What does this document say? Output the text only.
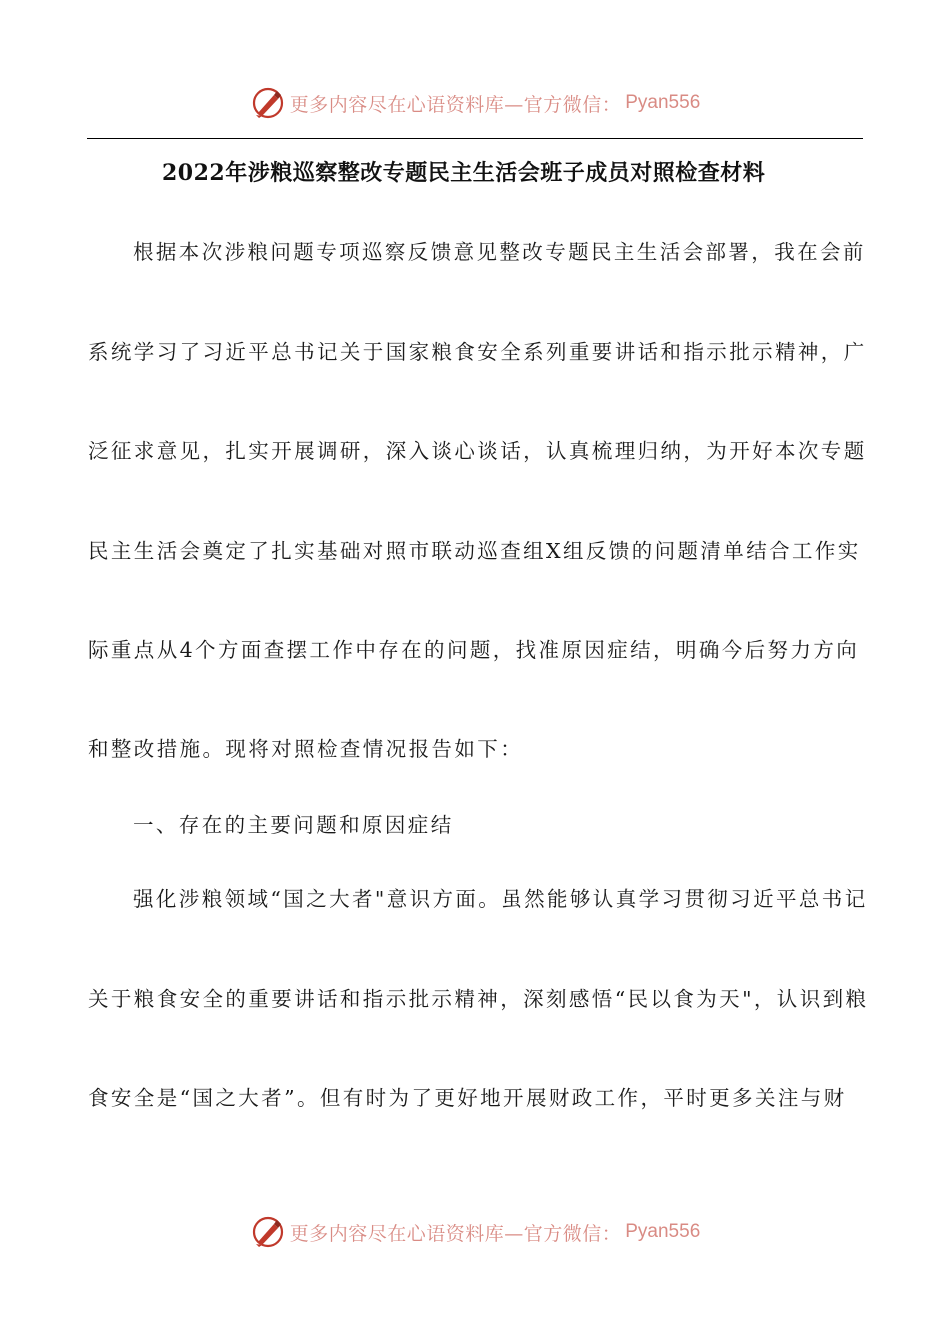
更多内容尽在心语资料库—官方微信： Pyan556
2022年涉粮巡察整改专题民主生活会班子成员对照检查材料
根据本次涉粮问题专项巡察反馈意见整改专题民主生活会部署，我在会前
系统学习了习近平总书记关于国家粮食安全系列重要讲话和指示批示精神，广
泛征求意见，扎实开展调研，深入谈心谈话，认真梳理归纳，为开好本次专题
民主生活会奠定了扎实基础对照市联动巡查组X组反馈的问题清单结合工作实
际重点从4个方面查摆工作中存在的问题，找准原因症结，明确今后努力方向
和整改措施。现将对照检查情况报告如下：
一、存在的主要问题和原因症结
强化涉粮领域“国之大者"意识方面。虽然能够认真学习贯彻习近平总书记
关于粮食安全的重要讲话和指示批示精神，深刻感悟“民以食为天"，认识到粮
食安全是“国之大者”。但有时为了更好地开展财政工作，平时更多关注与财
更多内容尽在心语资料库—官方微信： Pyan556
